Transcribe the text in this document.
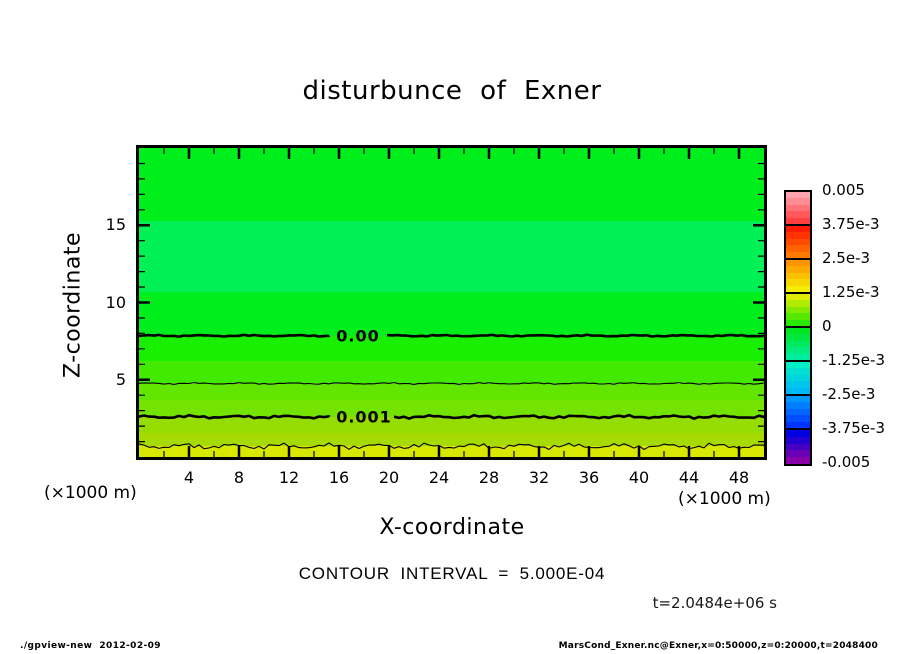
disturbunce of Exner
Z-coordinate	0.00
0.001
X-coordinate
(×1000 m)	(×1000 m)
CONTOUR INTERVAL = 5.000E-04
t=2.0484e+06 s
./gpview-new  2012-02-09	MarsCond_Exner.nc@Exner,x=0:50000,z=0:20000,t=2048400
4	8	12	16	20	24	28	32	36	40	44	48
5
10
15
0.005
3.75e-3
2.5e-3
1.25e-3
0
-1.25e-3
-2.5e-3
-3.75e-3
-0.005
